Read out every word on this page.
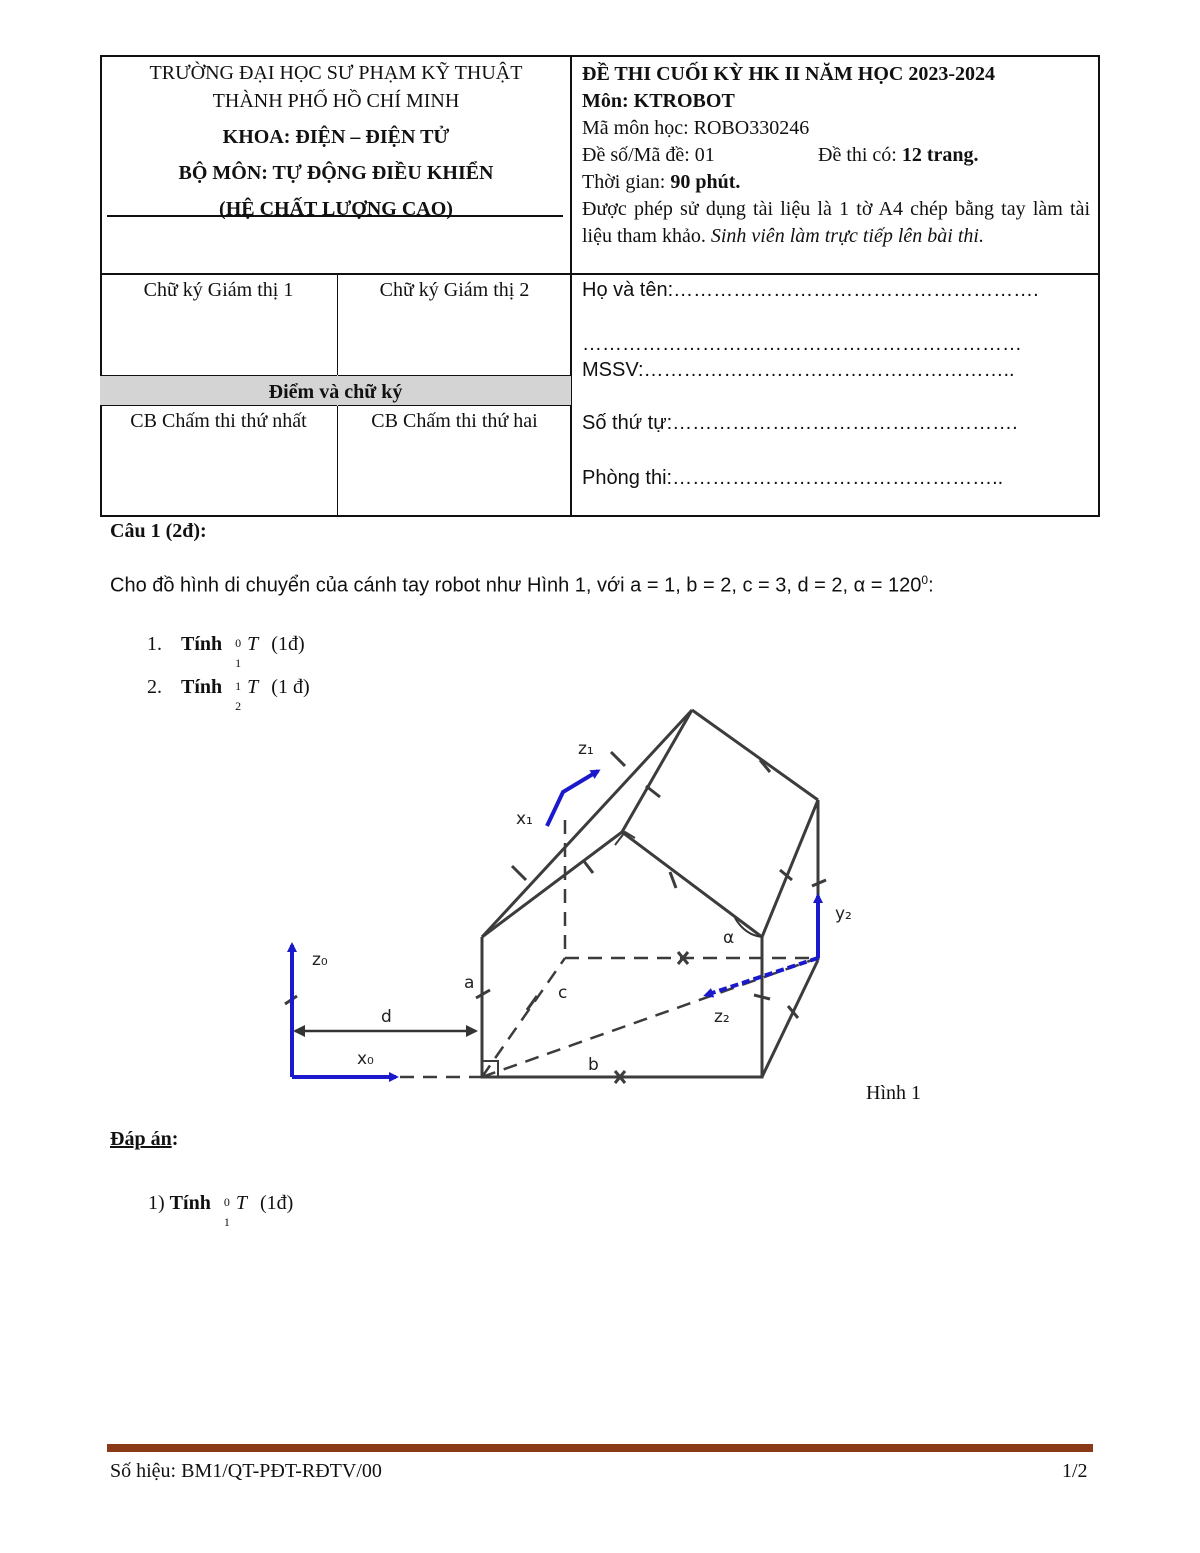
TRƯỜNG ĐẠI HỌC SƯ PHẠM KỸ THUẬT
THÀNH PHỐ HỒ CHÍ MINH
KHOA: ĐIỆN – ĐIỆN TỬ
BỘ MÔN: TỰ ĐỘNG ĐIỀU KHIỂN
(HỆ CHẤT LƯỢNG CAO)
ĐỀ THI CUỐI KỲ HK II NĂM HỌC 2023-2024
Môn: KTROBOT
Mã môn học: ROBO330246
Đề số/Mã đề: 01	Đề thi có: 12 trang.
Thời gian: 90 phút.
Được phép sử dụng tài liệu là 1 tờ A4 chép bằng tay làm tài liệu tham khảo. Sinh viên làm trực tiếp lên bài thi.
Chữ ký Giám thị 1	Chữ ký Giám thị 2
Điểm và chữ ký
CB Chấm thi thứ nhất	CB Chấm thi thứ hai
Họ và tên:……………………………………………….
…………………………………………………………
MSSV:………………………………………………..
Số thứ tự:…………………………………………….
Phòng thi:…………………………………………..
Câu 1 (2đ):
Cho đồ hình di chuyển của cánh tay robot như Hình 1, với a = 1, b = 2, c = 3, d = 2, $\alpha = 120^0$:
1. Tính 0
1
T (1đ)
2. Tính 1
2
T (1 đ)
a	c
b
d
α
z₀
x₀
x₁
z₁
y₂
z₂
Hình 1
Đáp án:
1) Tính 0
1
T (1đ)
Số hiệu: BM1/QT-PĐT-RĐTV/00	1/2
